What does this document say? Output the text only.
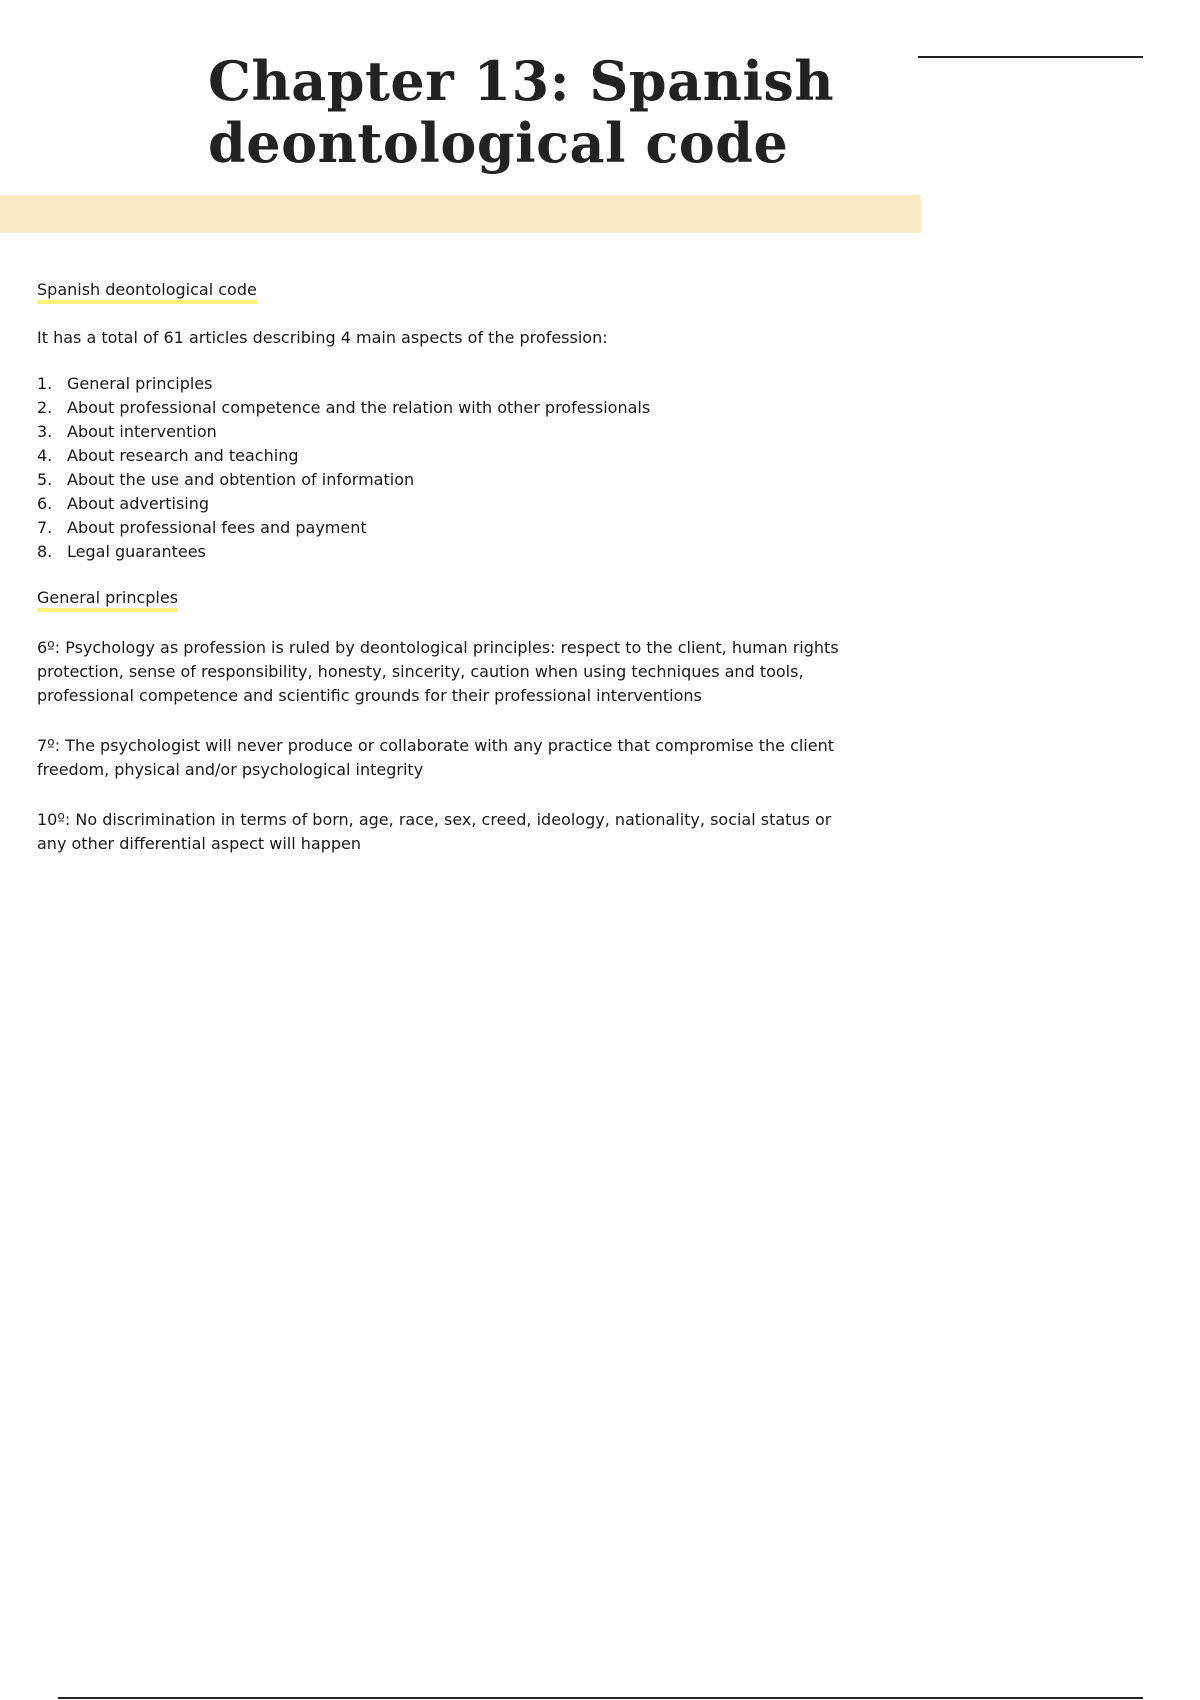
Chapter 13: Spanish
deontological code
Spanish deontological code

It has a total of 61 articles describing 4 main aspects of the profession:

1. General principles
2. About professional competence and the relation with other professionals
3. About intervention
4. About research and teaching
5. About the use and obtention of information
6. About advertising
7. About professional fees and payment
8. Legal guarantees
General princples

6º: Psychology as profession is ruled by deontological principles: respect to the client, human rights protection, sense of responsibility, honesty, sincerity, caution when using techniques and tools, professional competence and scientific grounds for their professional interventions

7º: The psychologist will never produce or collaborate with any practice that compromise the client freedom, physical and/or psychological integrity

10º: No discrimination in terms of born, age, race, sex, creed, ideology, nationality, social status or any other differential aspect will happen
